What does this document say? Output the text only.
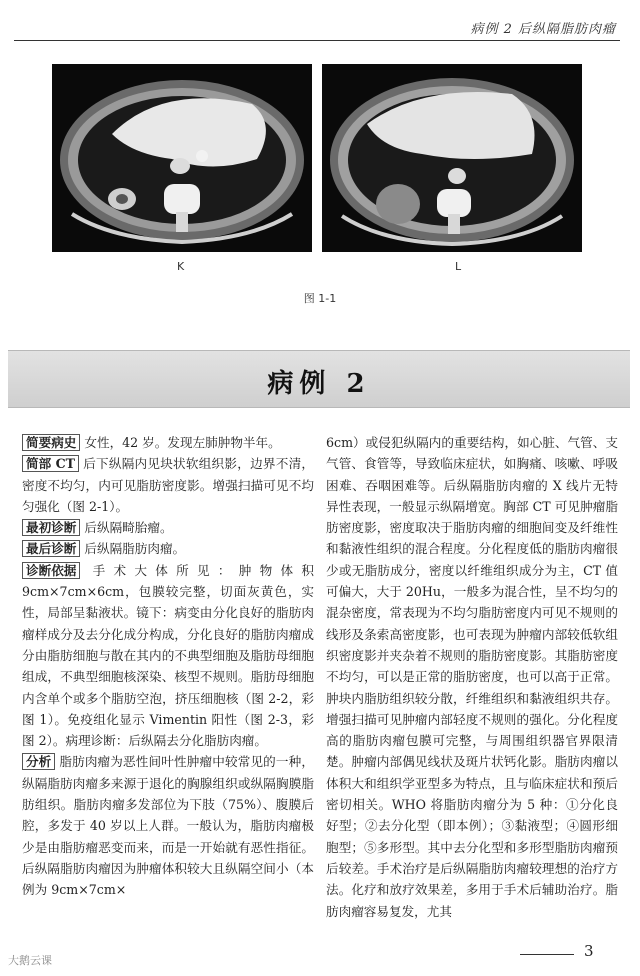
病例 2 后纵隔脂肪肉瘤
K	L
图 1-1
病例 2

简要病史 女性，42 岁。发现左肺肿物半年。

简部 CT 后下纵隔内见块状软组织影，边界不清，密度不均匀，内可见脂肪密度影。增强扫描可见不均匀强化（图 2-1）。

最初诊断 后纵隔畸胎瘤。

最后诊断 后纵隔脂肪肉瘤。

诊断依据 手术大体所见：肿物体积 9cm×7cm×6cm，包膜较完整，切面灰黄色，实性，局部呈黏液状。镜下：病变由分化良好的脂肪肉瘤样成分及去分化成分构成，分化良好的脂肪肉瘤成分由脂肪细胞与散在其内的不典型细胞及脂肪母细胞组成，不典型细胞核深染、核型不规则。脂肪母细胞内含单个或多个脂肪空泡，挤压细胞核（图 2-2，彩图 1）。免疫组化显示 Vimentin 阳性（图 2-3，彩图 2）。病理诊断：后纵隔去分化脂肪肉瘤。

分析 脂肪肉瘤为恶性间叶性肿瘤中较常见的一种，纵隔脂肪肉瘤多来源于退化的胸腺组织或纵隔胸膜脂肪组织。脂肪肉瘤多发部位为下肢（75%）、腹膜后腔，多发于 40 岁以上人群。一般认为，脂肪肉瘤极少是由脂肪瘤恶变而来，而是一开始就有恶性指征。后纵隔脂肪肉瘤因为肿瘤体积较大且纵隔空间小（本例为 9cm×7cm×

6cm）或侵犯纵隔内的重要结构，如心脏、气管、支气管、食管等，导致临床症状，如胸痛、咳嗽、呼吸困难、吞咽困难等。后纵隔脂肪肉瘤的 X 线片无特异性表现，一般显示纵隔增宽。胸部 CT 可见肿瘤脂肪密度影，密度取决于脂肪肉瘤的细胞间变及纤维性和黏液性组织的混合程度。分化程度低的脂肪肉瘤很少或无脂肪成分，密度以纤维组织成分为主，CT 值可偏大，大于 20Hu，一般多为混合性，呈不均匀的混杂密度，常表现为不均匀脂肪密度内可见不规则的线形及条索高密度影，也可表现为肿瘤内部较低软组织密度影并夹杂着不规则的脂肪密度影。其脂肪密度不均匀，可以是正常的脂肪密度，也可以高于正常。肿块内脂肪组织较分散，纤维组织和黏液组织共存。增强扫描可见肿瘤内部轻度不规则的强化。分化程度高的脂肪肉瘤包膜可完整，与周围组织器官界限清楚。肿瘤内部偶见线状及斑片状钙化影。脂肪肉瘤以体积大和组织学亚型多为特点，且与临床症状和预后密切相关。WHO 将脂肪肉瘤分为 5 种：①分化良好型；②去分化型（即本例）；③黏液型；④圆形细胞型；⑤多形型。其中去分化型和多形型脂肪肉瘤预后较差。手术治疗是后纵隔脂肪肉瘤较理想的治疗方法。化疗和放疗效果差，多用于手术后辅助治疗。脂肪肉瘤容易复发，尤其

大鹅云课
3
